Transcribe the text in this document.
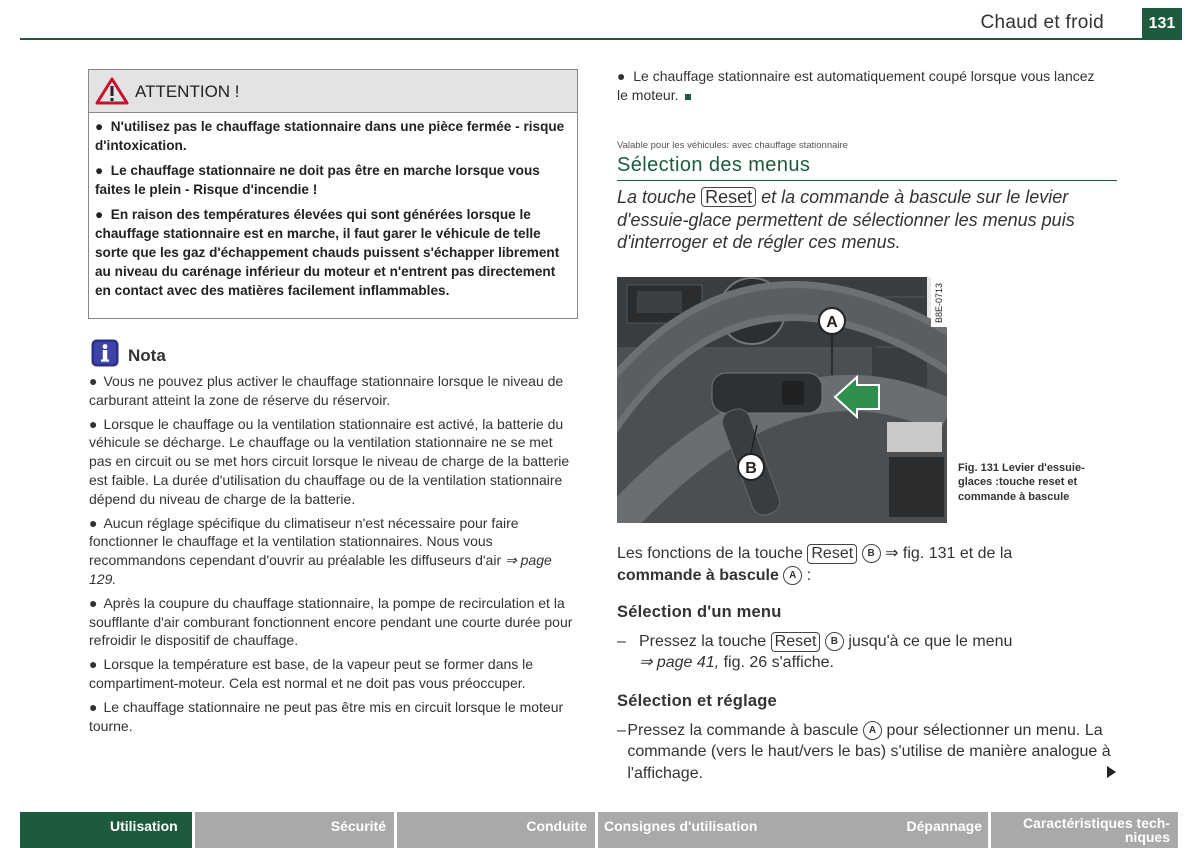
Chaud et froid	131
ATTENTION !

●  N'utilisez pas le chauffage stationnaire dans une pièce fermée - risque d'intoxication.

●  Le chauffage stationnaire ne doit pas être en marche lorsque vous faites le plein - Risque d'incendie !

●  En raison des températures élevées qui sont générées lorsque le chauffage stationnaire est en marche, il faut garer le véhicule de telle sorte que les gaz d'échappement chauds puissent s'échapper librement au niveau du carénage inférieur du moteur et n'entrent pas directement en contact avec des matières facilement inflammables.

Nota

● Vous ne pouvez plus activer le chauffage stationnaire lorsque le niveau de carburant atteint la zone de réserve du réservoir.

● Lorsque le chauffage ou la ventilation stationnaire est activé, la batterie du véhicule se décharge. Le chauffage ou la ventilation stationnaire ne se met pas en circuit ou se met hors circuit lorsque le niveau de charge de la batterie est faible. La durée d'utilisation du chauffage ou de la ventilation stationnaire dépend du niveau de charge de la batterie.

● Aucun réglage spécifique du climatiseur n'est nécessaire pour faire fonctionner le chauffage et la ventilation stationnaires. Nous vous recommandons cependant d'ouvrir au préalable les diffuseurs d'air ⇒ page 129.

● Après la coupure du chauffage stationnaire, la pompe de recirculation et la soufflante d'air comburant fonctionnent encore pendant une courte durée pour refroidir le dispositif de chauffage.

● Lorsque la température est base, de la vapeur peut se former dans le compartiment-moteur. Cela est normal et ne doit pas vous préoccuper.

● Le chauffage stationnaire ne peut pas être mis en circuit lorsque le moteur tourne.

●  Le chauffage stationnaire est automatiquement coupé lorsque vous lancez le moteur.
Valable pour les véhicules: avec chauffage stationnaire
Sélection des menus
La touche Reset et la commande à bascule sur le levier d'essuie-glace permettent de sélectionner les menus puis d'interroger et de régler ces menus.
A
B
B8E-0713
Fig. 131 Levier d'essuie-glaces :touche reset et commande à bascule
Les fonctions de la touche Reset B ⇒ fig. 131 et de la
commande à bascule A :
Sélection d'un menu
– Pressez la touche Reset B jusqu'à ce que le menu
⇒ page 41, fig. 26 s'affiche.
Sélection et réglage
– Pressez la commande à bascule A pour sélectionner un menu. La commande (vers le haut/vers le bas) s'utilise de manière analogue à l'affichage.
Utilisation	Sécurité	Conduite	Consignes d'utilisation	Dépannage	Caractéristiques tech-niques
